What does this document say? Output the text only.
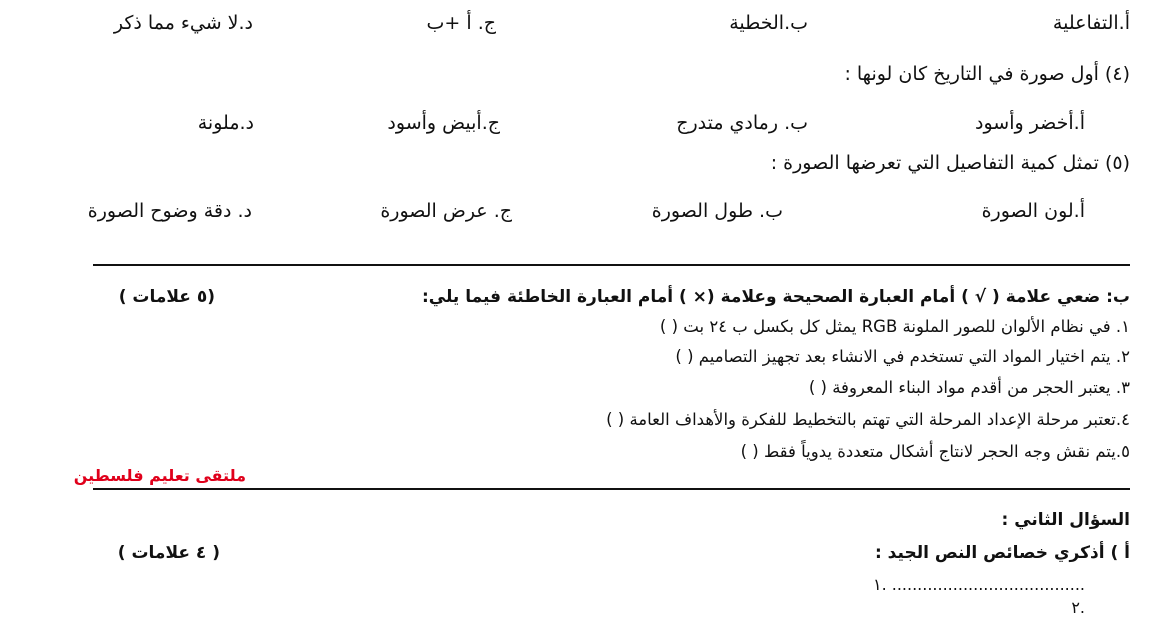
أ.التفاعلية
ب.الخطية
ج. أ +ب
د.لا شيء مما ذكر
(٤) أول صورة في التاريخ كان لونها :
أ.أخضر وأسود
ب. رمادي متدرج
ج.أبيض وأسود
د.ملونة
(٥) تمثل كمية التفاصيل التي تعرضها الصورة :
أ.لون الصورة
ب. طول الصورة
ج. عرض الصورة
د. دقة وضوح الصورة
ب: ضعي علامة ( √ ) أمام العبارة الصحيحة وعلامة (× ) أمام العبارة الخاطئة فيما يلي:
(٥ علامات )
١. في نظام الألوان للصور الملونة RGB يمثل كل بكسل ب ٢٤ بت ( )
٢. يتم اختيار المواد التي تستخدم في الانشاء بعد تجهيز التصاميم ( )
٣. يعتبر الحجر من أقدم مواد البناء المعروفة ( )
٤.تعتبر مرحلة الإعداد المرحلة التي تهتم بالتخطيط للفكرة والأهداف العامة ( )
٥.يتم نقش وجه الحجر لانتاج أشكال متعددة يدوياً فقط ( )
ملتقى تعليم فلسطين
السؤال الثاني :
أ ) أذكري خصائص النص الجيد :
( ٤ علامات )
١. ......................................
٢.
